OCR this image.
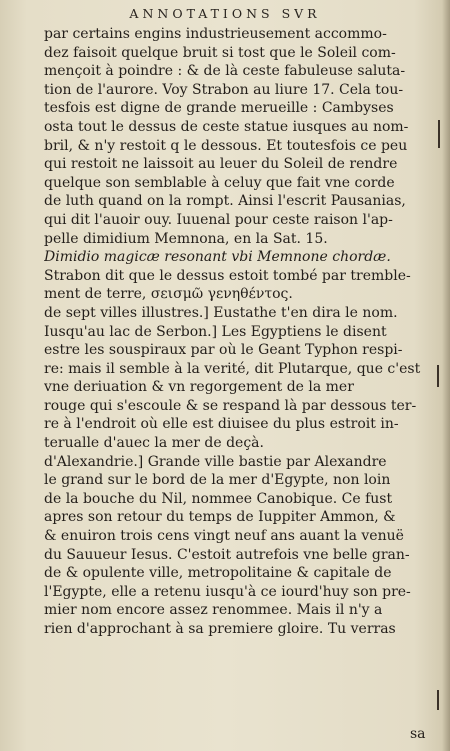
ANNOTATIONS SVR
par certains engins industrieusement accommo-
dez faisoit quelque bruit si tost que le Soleil com-
mençoit à poindre : & de là ceste fabuleuse saluta-
tion de l'aurore. Voy Strabon au liure 17. Cela tou-
tesfois est digne de grande merueille : Cambyses
osta tout le dessus de ceste statue iusques au nom-
bril, & n'y restoit q le dessous. Et toutesfois ce peu
qui restoit ne laissoit au leuer du Soleil de rendre
quelque son semblable à celuy que fait vne corde
de luth quand on la rompt. Ainsi l'escrit Pausanias,
qui dit l'auoir ouy. Iuuenal pour ceste raison l'ap-
pelle dimidium Memnona, en la Sat. 15.
Dimidio magicæ resonant vbi Memnone chordæ.
Strabon dit que le dessus estoit tombé par tremble-
ment de terre, σεισμῶ γενηθέντος.
de sept villes illustres.] Eustathe t'en dira le nom.
Iusqu'au lac de Serbon.] Les Egyptiens le disent
estre les souspiraux par où le Geant Typhon respi-
re: mais il semble à la verité, dit Plutarque, que c'est
vne deriuation & vn regorgement de la mer
rouge qui s'escoule & se respand là par dessous ter-
re à l'endroit où elle est diuisee du plus estroit in-
terualle d'auec la mer de deçà.
d'Alexandrie.] Grande ville bastie par Alexandre
le grand sur le bord de la mer d'Egypte, non loin
de la bouche du Nil, nommee Canobique. Ce fust
apres son retour du temps de Iuppiter Ammon, &
& enuiron trois cens vingt neuf ans auant la venuë
du Sauueur Iesus. C'estoit autrefois vne belle gran-
de & opulente ville, metropolitaine & capitale de
l'Egypte, elle a retenu iusqu'à ce iourd'huy son pre-
mier nom encore assez renommee. Mais il n'y a
rien d'approchant à sa premiere gloire. Tu verras
sa
